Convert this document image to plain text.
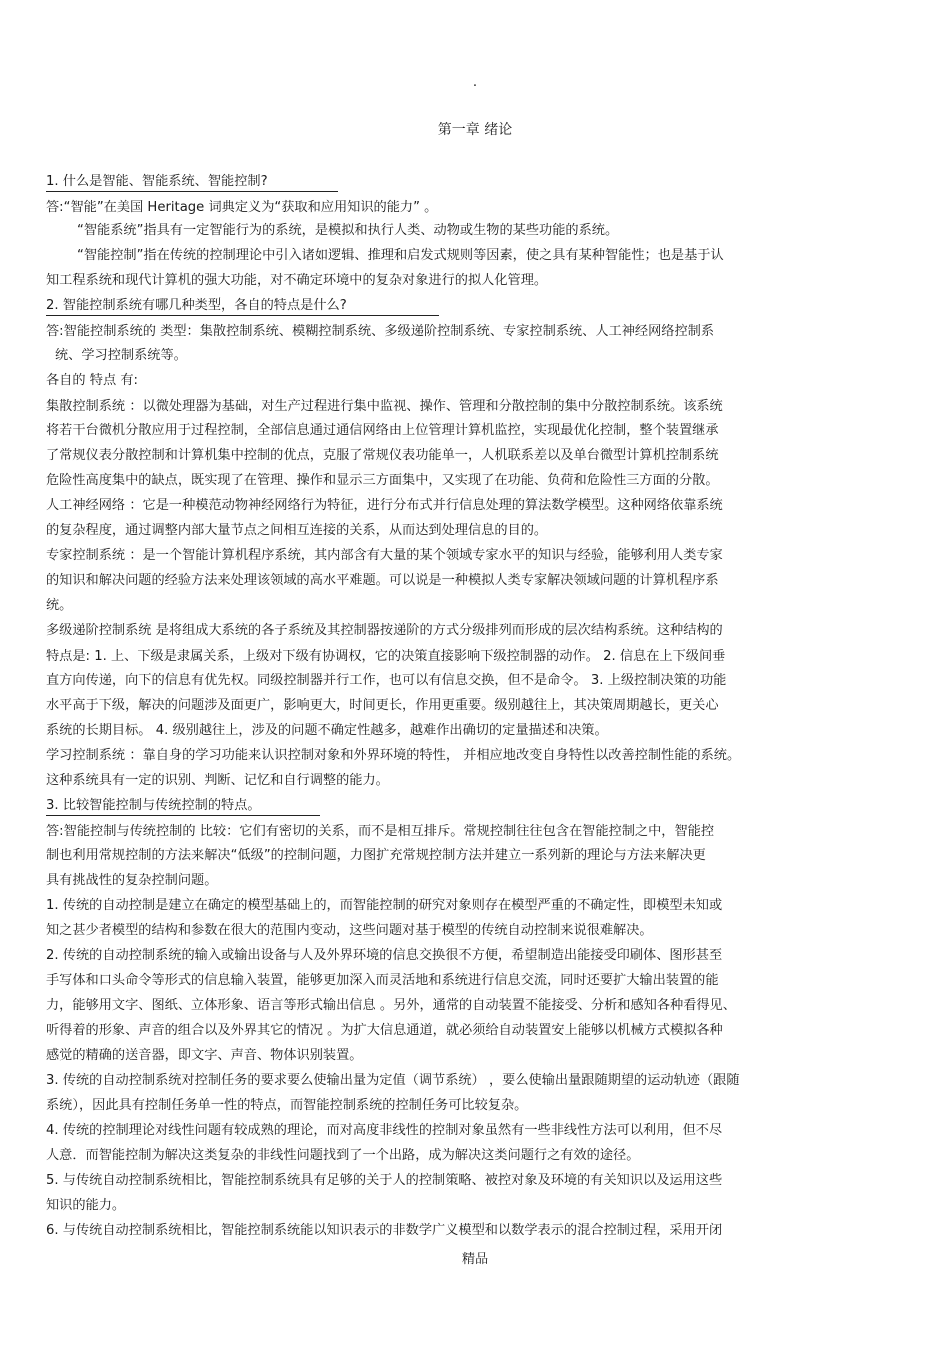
.
第一章 绪论
1. 什么是智能、智能系统、智能控制?
答:“智能”在美国 Heritage 词典定义为“获取和应用知识的能力” 。
“智能系统”指具有一定智能行为的系统，是模拟和执行人类、动物或生物的某些功能的系统。
“智能控制”指在传统的控制理论中引入诸如逻辑、推理和启发式规则等因素，使之具有某种智能性；也是基于认
知工程系统和现代计算机的强大功能，对不确定环境中的复杂对象进行的拟人化管理。
2. 智能控制系统有哪几种类型，各自的特点是什么?
答:智能控制系统的 类型：集散控制系统、模糊控制系统、多级递阶控制系统、专家控制系统、人工神经网络控制系
统、学习控制系统等。
各自的 特点 有:
集散控制系统 ：以微处理器为基础，对生产过程进行集中监视、操作、管理和分散控制的集中分散控制系统。该系统
将若干台微机分散应用于过程控制，全部信息通过通信网络由上位管理计算机监控，实现最优化控制，整个装置继承
了常规仪表分散控制和计算机集中控制的优点，克服了常规仪表功能单一，人机联系差以及单台微型计算机控制系统
危险性高度集中的缺点，既实现了在管理、操作和显示三方面集中，又实现了在功能、负荷和危险性三方面的分散。
人工神经网络 ：它是一种模范动物神经网络行为特征，进行分布式并行信息处理的算法数学模型。这种网络依靠系统
的复杂程度，通过调整内部大量节点之间相互连接的关系，从而达到处理信息的目的。
专家控制系统 ：是一个智能计算机程序系统，其内部含有大量的某个领域专家水平的知识与经验，能够利用人类专家
的知识和解决问题的经验方法来处理该领域的高水平难题。可以说是一种模拟人类专家解决领域问题的计算机程序系
统。
多级递阶控制系统 是将组成大系统的各子系统及其控制器按递阶的方式分级排列而形成的层次结构系统。这种结构的
特点是: 1. 上、下级是隶属关系，上级对下级有协调权，它的决策直接影响下级控制器的动作。 2. 信息在上下级间垂
直方向传递，向下的信息有优先权。同级控制器并行工作，也可以有信息交换，但不是命令。 3. 上级控制决策的功能
水平高于下级，解决的问题涉及面更广，影响更大，时间更长，作用更重要。级别越往上，其决策周期越长，更关心
系统的长期目标。 4. 级别越往上，涉及的问题不确定性越多，越难作出确切的定量描述和决策。
学习控制系统 ：靠自身的学习功能来认识控制对象和外界环境的特性， 并相应地改变自身特性以改善控制性能的系统。
这种系统具有一定的识别、判断、记忆和自行调整的能力。
3. 比较智能控制与传统控制的特点。
答:智能控制与传统控制的 比较：它们有密切的关系，而不是相互排斥。常规控制往往包含在智能控制之中，智能控
制也利用常规控制的方法来解决“低级”的控制问题，力图扩充常规控制方法并建立一系列新的理论与方法来解决更
具有挑战性的复杂控制问题。
1. 传统的自动控制是建立在确定的模型基础上的，而智能控制的研究对象则存在模型严重的不确定性，即模型未知或
知之甚少者模型的结构和参数在很大的范围内变动，这些问题对基于模型的传统自动控制来说很难解决。
2. 传统的自动控制系统的输入或输出设备与人及外界环境的信息交换很不方便，希望制造出能接受印刷体、图形甚至
手写体和口头命令等形式的信息输入装置，能够更加深入而灵活地和系统进行信息交流，同时还要扩大输出装置的能
力，能够用文字、图纸、立体形象、语言等形式输出信息 。另外，通常的自动装置不能接受、分析和感知各种看得见、
听得着的形象、声音的组合以及外界其它的情况 。为扩大信息通道，就必须给自动装置安上能够以机械方式模拟各种
感觉的精确的送音器，即文字、声音、物体识别装置。
3. 传统的自动控制系统对控制任务的要求要么使输出量为定值（调节系统） ，要么使输出量跟随期望的运动轨迹（跟随
系统），因此具有控制任务单一性的特点，而智能控制系统的控制任务可比较复杂。
4. 传统的控制理论对线性问题有较成熟的理论，而对高度非线性的控制对象虽然有一些非线性方法可以利用，但不尽
人意．而智能控制为解决这类复杂的非线性问题找到了一个出路，成为解决这类问题行之有效的途径。
5. 与传统自动控制系统相比，智能控制系统具有足够的关于人的控制策略、被控对象及环境的有关知识以及运用这些
知识的能力。
6. 与传统自动控制系统相比，智能控制系统能以知识表示的非数学广义模型和以数学表示的混合控制过程，采用开闭
精品
